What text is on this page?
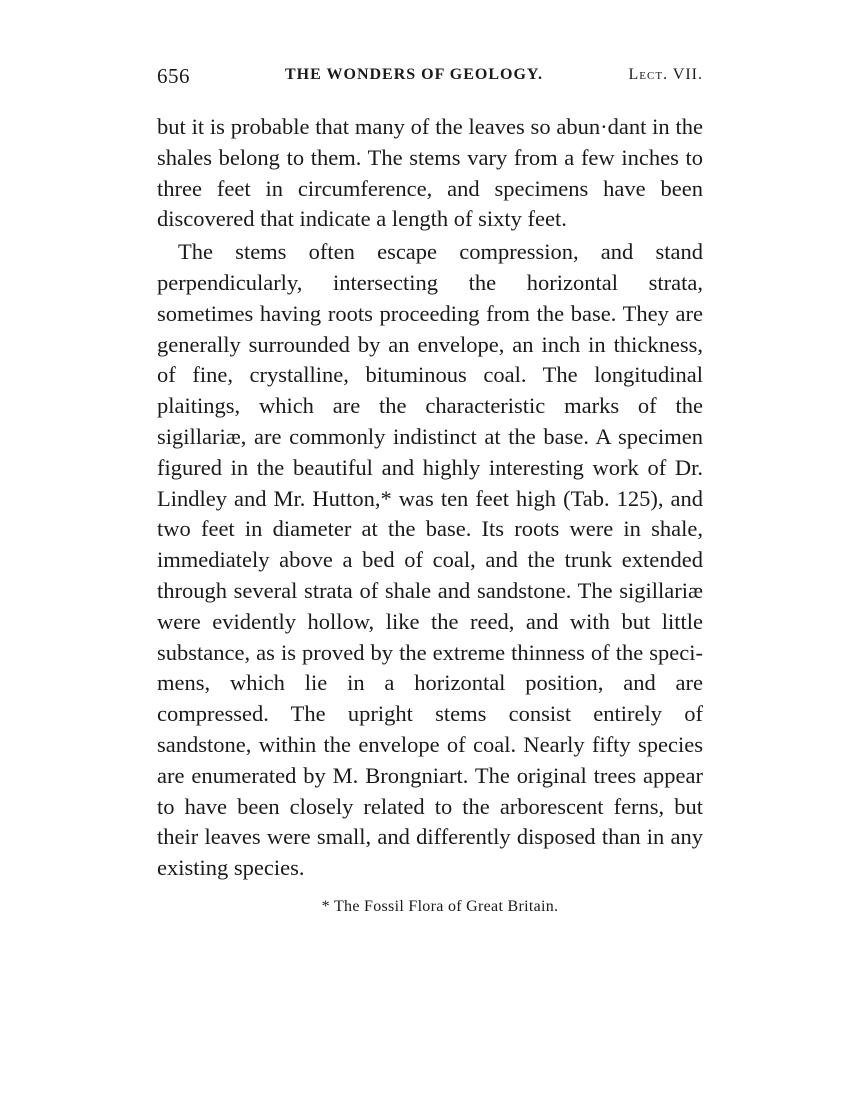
656	THE WONDERS OF GEOLOGY.	Lect. VII.

but it is probable that many of the leaves so abun·dant in the shales belong to them. The stems vary from a few inches to three feet in circumference, and specimens have been discovered that indicate a length of sixty feet.

The stems often escape compression, and stand perpendicularly, intersecting the horizontal strata, sometimes having roots proceeding from the base. They are generally surrounded by an envelope, an inch in thickness, of fine, crystalline, bituminous coal. The longitudinal plaitings, which are the characteristic marks of the sigillariæ, are commonly indistinct at the base. A specimen figured in the beautiful and highly interesting work of Dr. Lindley and Mr. Hutton,* was ten feet high (Tab. 125), and two feet in diameter at the base. Its roots were in shale, immediately above a bed of coal, and the trunk extended through several strata of shale and sandstone. The sigillariæ were evidently hollow, like the reed, and with but little substance, as is proved by the extreme thinness of the specimens, which lie in a horizontal position, and are compressed. The upright stems consist entirely of sandstone, within the envelope of coal. Nearly fifty species are enumerated by M. Brongniart. The original trees appear to have been closely related to the arborescent ferns, but their leaves were small, and differently disposed than in any existing species.

* The Fossil Flora of Great Britain.
